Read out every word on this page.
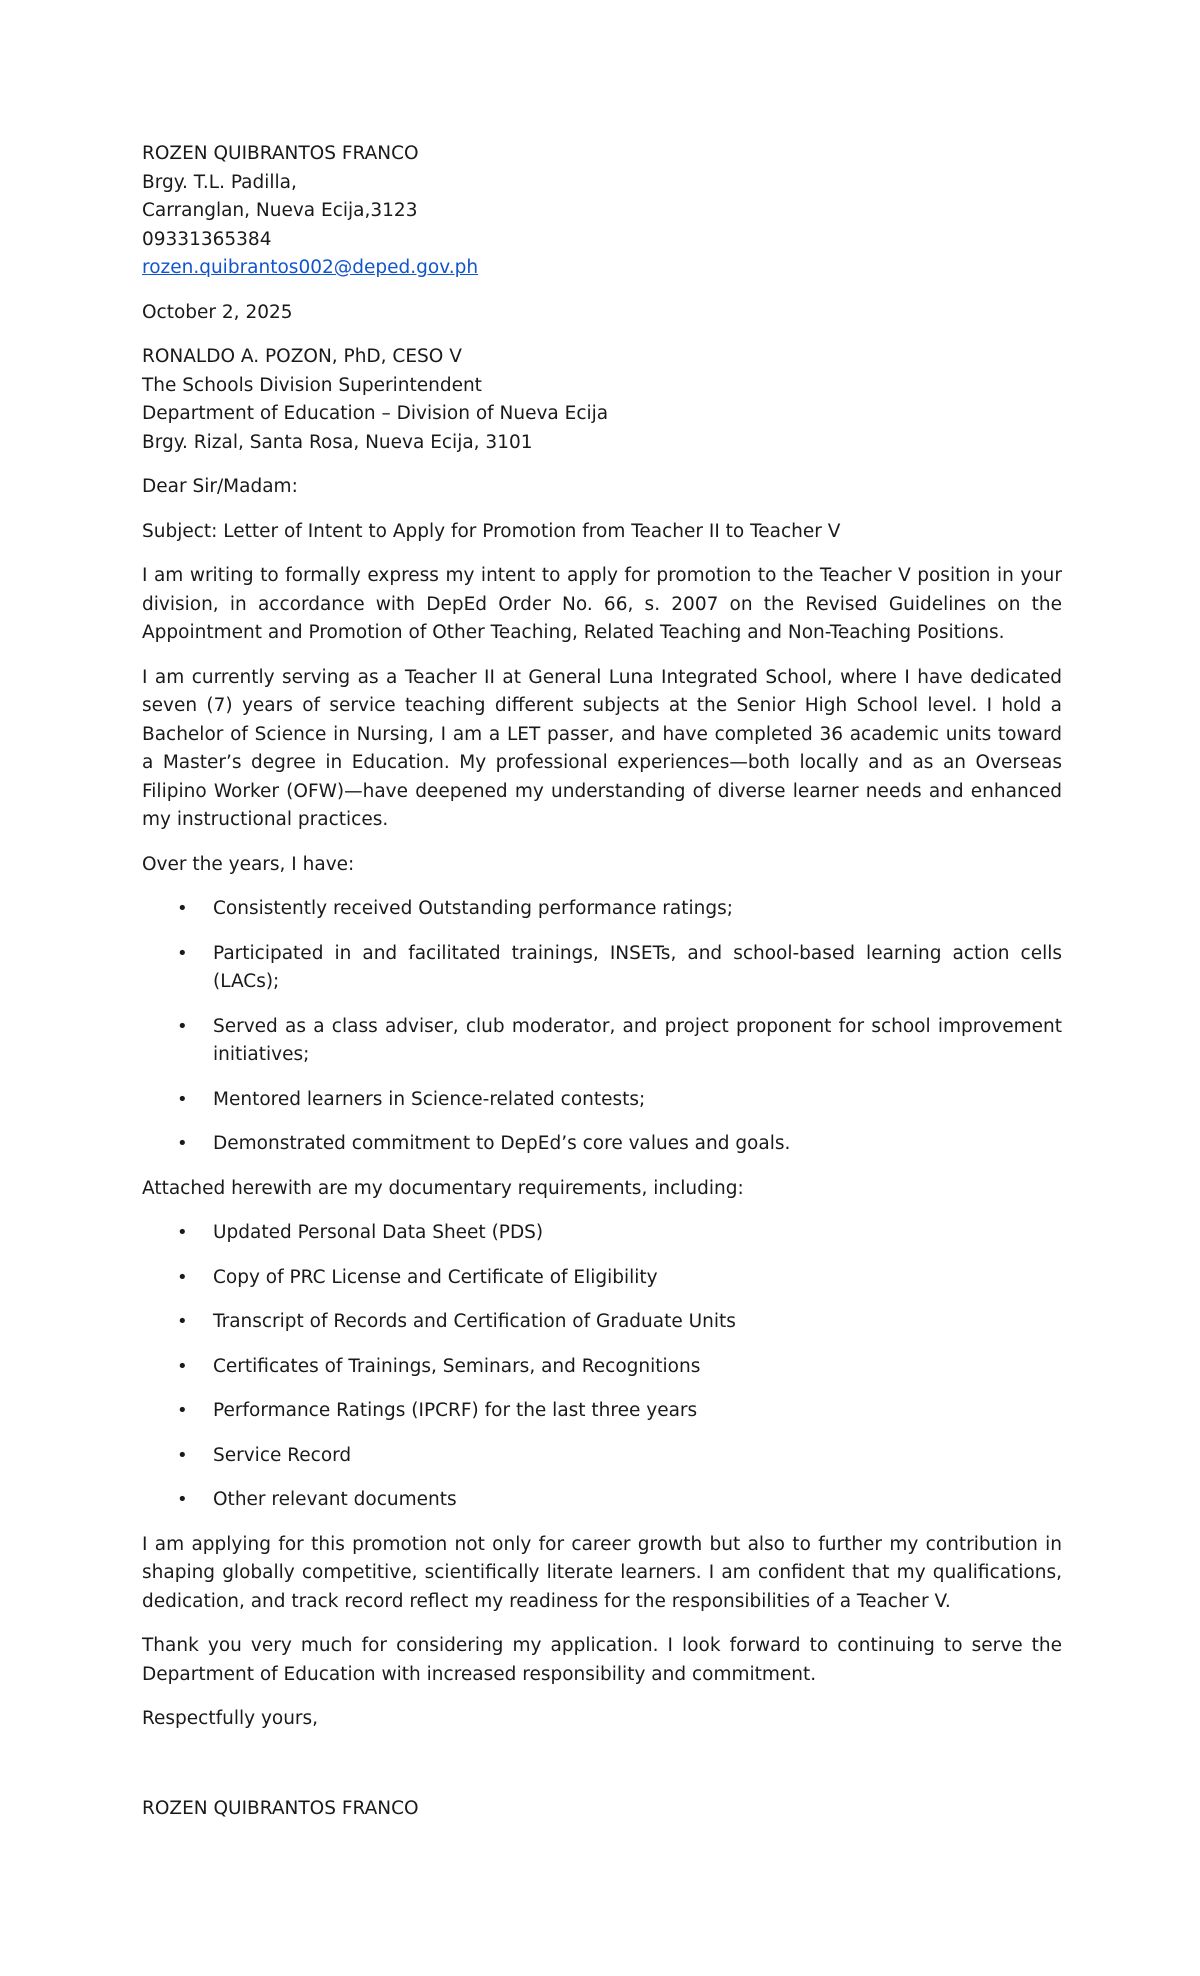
ROZEN QUIBRANTOS FRANCO
Brgy. T.L. Padilla,
Carranglan, Nueva Ecija,3123
09331365384
rozen.quibrantos002@deped.gov.ph
October 2, 2025
RONALDO A. POZON, PhD, CESO V
The Schools Division Superintendent
Department of Education – Division of Nueva Ecija
Brgy. Rizal, Santa Rosa, Nueva Ecija, 3101

Dear Sir/Madam:

Subject: Letter of Intent to Apply for Promotion from Teacher II to Teacher V

I am writing to formally express my intent to apply for promotion to the Teacher V position in your division, in accordance with DepEd Order No. 66, s. 2007 on the Revised Guidelines on the Appointment and Promotion of Other Teaching, Related Teaching and Non-Teaching Positions.

I am currently serving as a Teacher II at General Luna Integrated School, where I have dedicated seven (7) years of service teaching different subjects at the Senior High School level. I hold a Bachelor of Science in Nursing, I am a LET passer, and have completed 36 academic units toward a Master’s degree in Education. My professional experiences—both locally and as an Overseas Filipino Worker (OFW)—have deepened my understanding of diverse learner needs and enhanced my instructional practices.

Over the years, I have:

• Consistently received Outstanding performance ratings;
• Participated in and facilitated trainings, INSETs, and school-based learning action cells (LACs);
• Served as a class adviser, club moderator, and project proponent for school improvement initiatives;
• Mentored learners in Science-related contests;
• Demonstrated commitment to DepEd’s core values and goals.

Attached herewith are my documentary requirements, including:

• Updated Personal Data Sheet (PDS)
• Copy of PRC License and Certificate of Eligibility
• Transcript of Records and Certification of Graduate Units
• Certificates of Trainings, Seminars, and Recognitions
• Performance Ratings (IPCRF) for the last three years
• Service Record
• Other relevant documents

I am applying for this promotion not only for career growth but also to further my contribution in shaping globally competitive, scientifically literate learners. I am confident that my qualifications, dedication, and track record reflect my readiness for the responsibilities of a Teacher V.

Thank you very much for considering my application. I look forward to continuing to serve the Department of Education with increased responsibility and commitment.

Respectfully yours,

ROZEN QUIBRANTOS FRANCO
